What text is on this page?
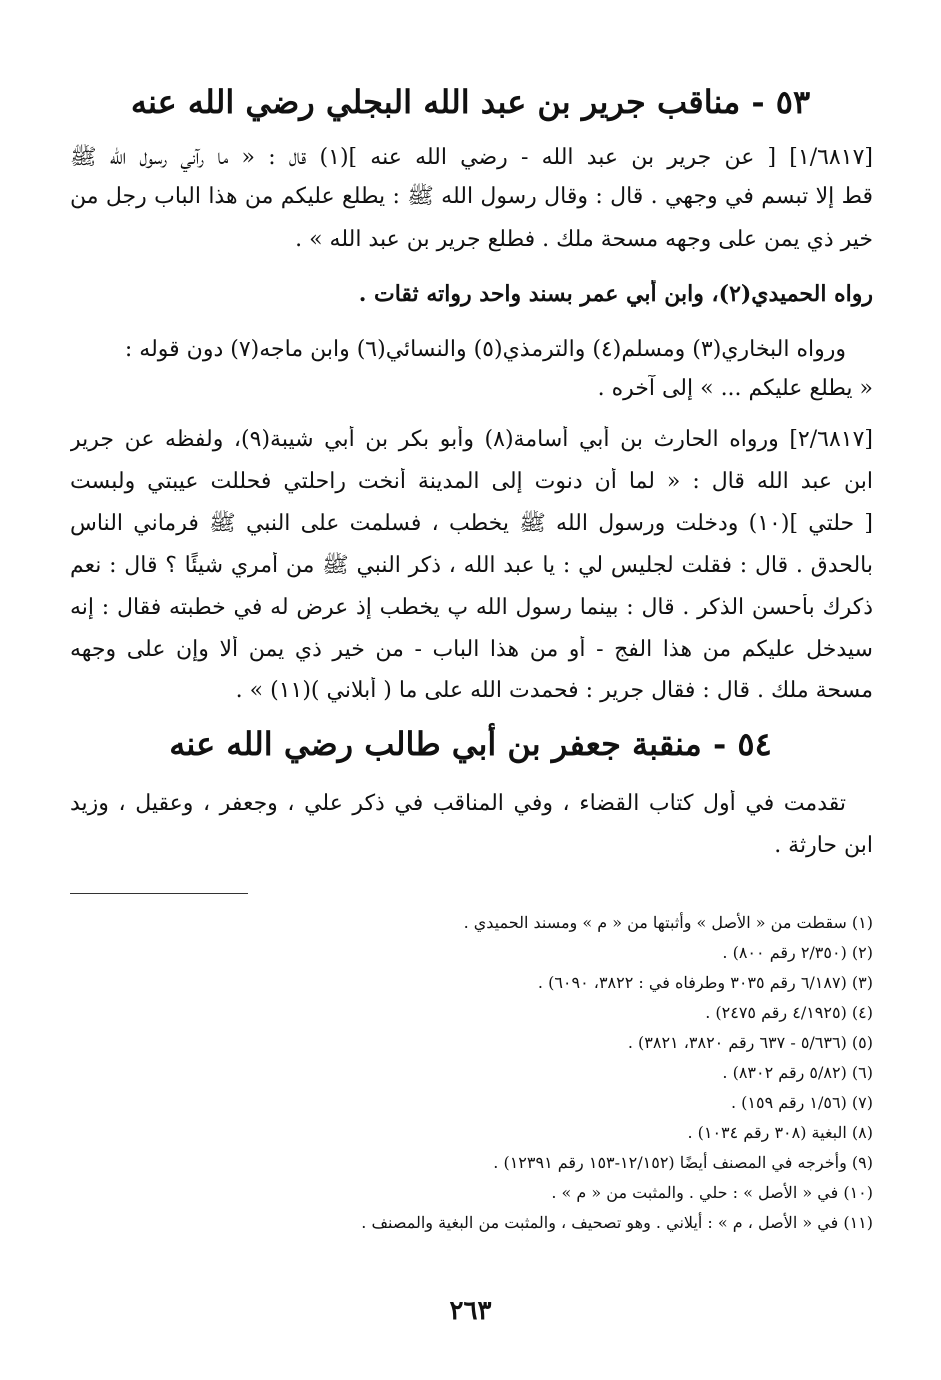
٥٣ - مناقب جرير بن عبد الله البجلي رضي الله عنه
[١/٦٨١٧] [ عن جرير بن عبد الله - رضي الله عنه ](١) قال : « ما رآني رسول الله ﷺ
قط إلا تبسم في وجهي . قال : وقال رسول الله ﷺ : يطلع عليكم من هذا الباب رجل من
خير ذي يمن على وجهه مسحة ملك . فطلع جرير بن عبد الله » .
رواه الحميدي(٢)، وابن أبي عمر بسند واحد رواته ثقات .
ورواه البخاري(٣) ومسلم(٤) والترمذي(٥) والنسائي(٦) وابن ماجه(٧) دون قوله :
« يطلع عليكم ... » إلى آخره .
[٢/٦٨١٧] ورواه الحارث بن أبي أسامة(٨) وأبو بكر بن أبي شيبة(٩)، ولفظه عن جرير
ابن عبد الله قال : « لما أن دنوت إلى المدينة أنخت راحلتي فحللت عيبتي ولبست
[ حلتي ](١٠) ودخلت ورسول الله ﷺ يخطب ، فسلمت على النبي ﷺ فرماني الناس
بالحدق . قال : فقلت لجليس لي : يا عبد الله ، ذكر النبي ﷺ من أمري شيئًا ؟ قال : نعم
ذكرك بأحسن الذكر . قال : بينما رسول الله پ يخطب إذ عرض له في خطبته فقال : إنه
سيدخل عليكم من هذا الفج - أو من هذا الباب - من خير ذي يمن ألا وإن على وجهه
مسحة ملك . قال : فقال جرير : فحمدت الله على ما ( أبلاني )(١١) » .
٥٤ - منقبة جعفر بن أبي طالب رضي الله عنه
تقدمت في أول كتاب القضاء ، وفي المناقب في ذكر علي ، وجعفر ، وعقيل ، وزيد
ابن حارثة .
(١) سقطت من « الأصل » وأثبتها من « م » ومسند الحميدي .
(٢) (٢/٣٥٠ رقم ٨٠٠) .
(٣) (٦/١٨٧ رقم ٣٠٣٥ وطرفاه في : ٣٨٢٢، ٦٠٩٠) .
(٤) (٤/١٩٢٥ رقم ٢٤٧٥) .
(٥) (٥/٦٣٦ - ٦٣٧ رقم ٣٨٢٠، ٣٨٢١) .
(٦) (٥/٨٢ رقم ٨٣٠٢) .
(٧) (١/٥٦ رقم ١٥٩) .
(٨) البغية (٣٠٨ رقم ١٠٣٤) .
(٩) وأخرجه في المصنف أيضًا (١٢/١٥٢-١٥٣ رقم ١٢٣٩١) .
(١٠) في « الأصل » : حلي . والمثبت من « م » .
(١١) في « الأصل ، م » : أيلاني . وهو تصحيف ، والمثبت من البغية والمصنف .
٢٦٣
